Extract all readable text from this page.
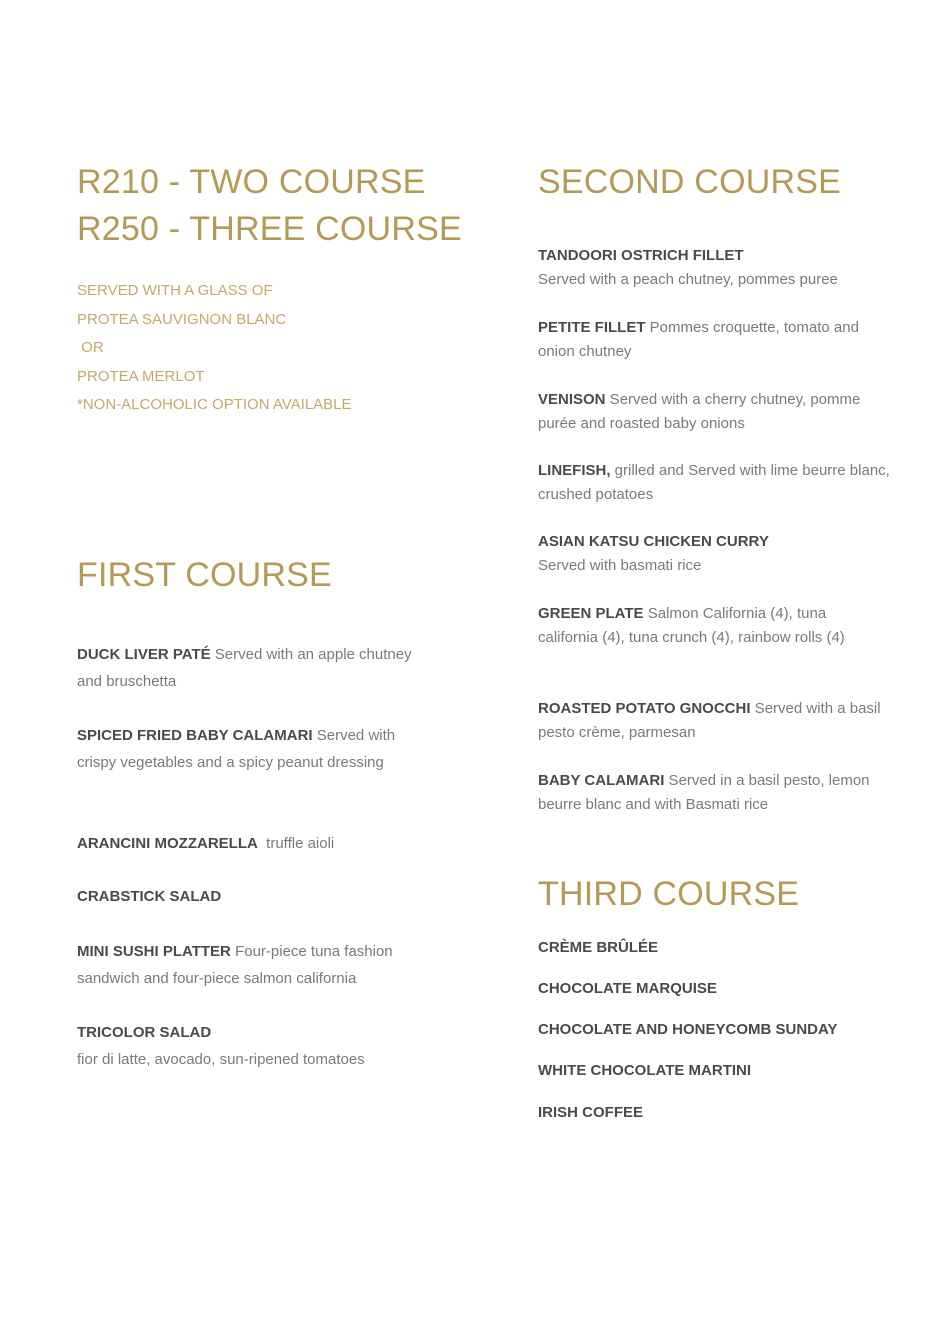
R210 - TWO COURSE
R250 - THREE COURSE
SERVED WITH A GLASS OF
PROTEA SAUVIGNON BLANC
OR
PROTEA MERLOT
*NON-ALCOHOLIC OPTION AVAILABLE
FIRST COURSE
DUCK LIVER PATÉ Served with an apple chutney and bruschetta
SPICED FRIED BABY CALAMARI Served with crispy vegetables and a spicy peanut dressing
ARANCINI MOZZARELLA  truffle aioli
CRABSTICK SALAD
MINI SUSHI PLATTER Four-piece tuna fashion sandwich and four-piece salmon california
TRICOLOR SALAD
fior di latte, avocado, sun-ripened tomatoes
SECOND COURSE
TANDOORI OSTRICH FILLET
Served with a peach chutney, pommes puree
PETITE FILLET Pommes croquette, tomato and onion chutney
VENISON Served with a cherry chutney, pomme purée and roasted baby onions
LINEFISH, grilled and Served with lime beurre blanc, crushed potatoes
ASIAN KATSU CHICKEN CURRY
Served with basmati rice
GREEN PLATE Salmon California (4), tuna california (4), tuna crunch (4), rainbow rolls (4)
ROASTED POTATO GNOCCHI Served with a basil pesto crème, parmesan
BABY CALAMARI Served in a basil pesto, lemon beurre blanc and with Basmati rice
THIRD COURSE
CRÈME BRÛLÉE
CHOCOLATE MARQUISE
CHOCOLATE AND HONEYCOMB SUNDAY
WHITE CHOCOLATE MARTINI
IRISH COFFEE
